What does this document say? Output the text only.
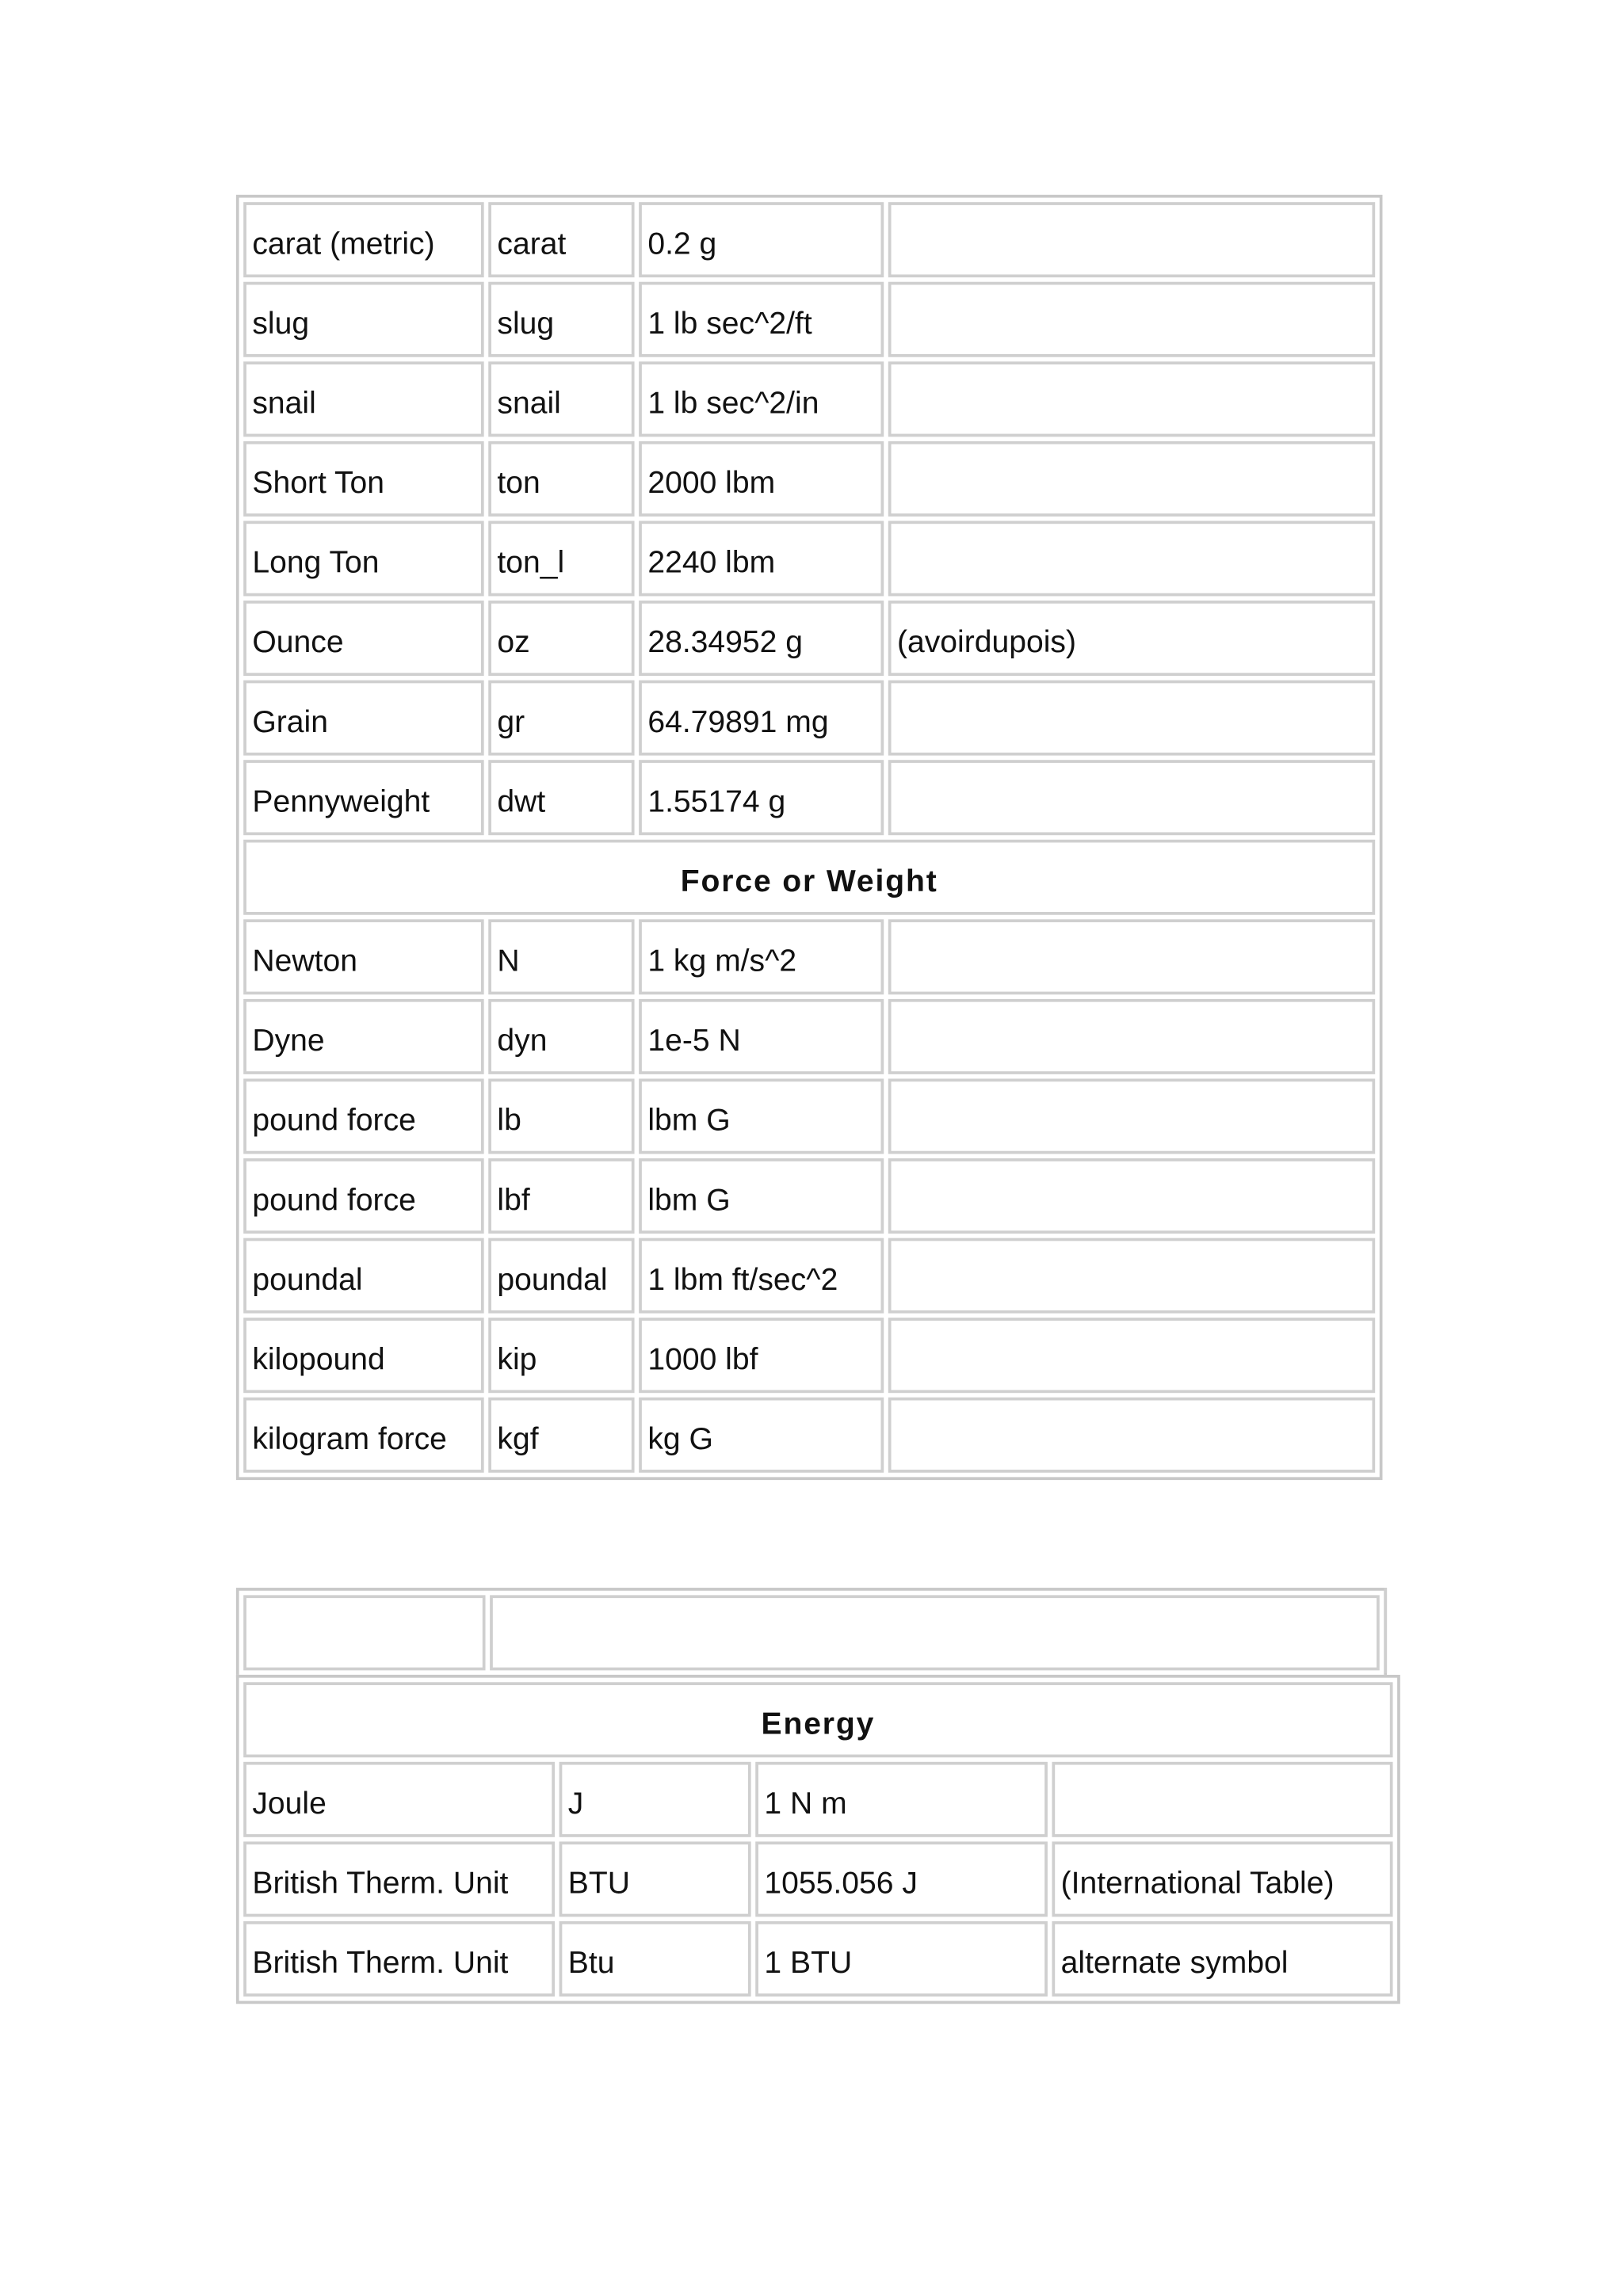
carat (metric)	carat	0.2 g	
slug	slug	1 lb sec^2/ft	
snail	snail	1 lb sec^2/in	
Short Ton	ton	2000 lbm	
Long Ton	ton_l	2240 lbm	
Ounce	oz	28.34952 g	(avoirdupois)
Grain	gr	64.79891 mg	
Pennyweight	dwt	1.55174 g	
Force or Weight			
Newton	N	1 kg m/s^2	
Dyne	dyn	1e-5 N	
pound force	lb	lbm G	
pound force	lbf	lbm G	
poundal	poundal	1 lbm ft/sec^2	
kilopound	kip	1000 lbf	
kilogram force	kgf	kg G	

Energy			
Joule	J	1 N m	
British Therm. Unit	BTU	1055.056 J	(International Table)
British Therm. Unit	Btu	1 BTU	alternate symbol
